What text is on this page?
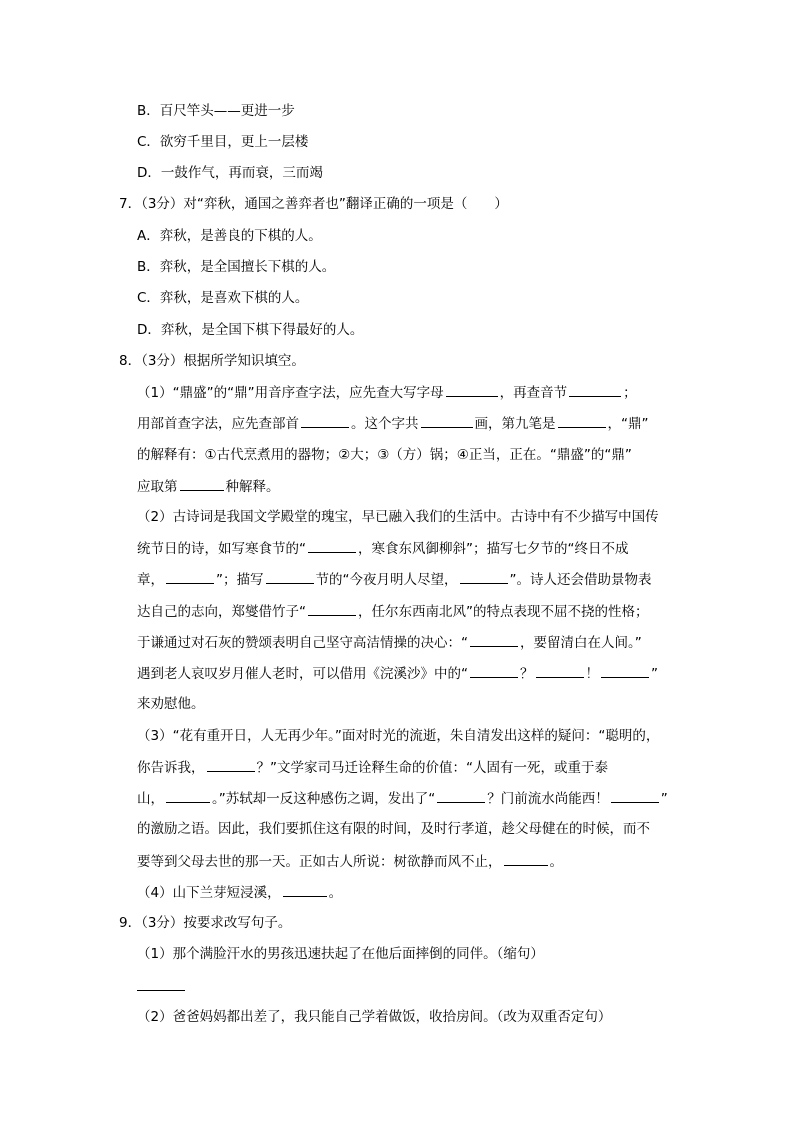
B．百尺竿头——更进一步
C．欲穷千里目，更上一层楼
D．一鼓作气，再而衰，三而竭
7．（3分）对“弈秋，通国之善弈者也”翻译正确的一项是（　　）
A．弈秋，是善良的下棋的人。
B．弈秋，是全国擅长下棋的人。
C．弈秋，是喜欢下棋的人。
D．弈秋，是全国下棋下得最好的人。
8．（3分）根据所学知识填空。
（1）“鼎盛”的“鼎”用音序查字法，应先查大写字母	，再查音节	；
用部首查字法，应先查部首	。这个字共	画，第九笔是	，“鼎”
的解释有：①古代烹煮用的器物；②大；③（方）锅；④正当，正在。“鼎盛”的“鼎”
应取第	种解释。
（2）古诗词是我国文学殿堂的瑰宝，早已融入我们的生活中。古诗中有不少描写中国传
统节日的诗，如写寒食节的“	，寒食东风御柳斜”；描写七夕节的“终日不成
章，	”；描写	节的“今夜月明人尽望，	”。诗人还会借助景物表
达自己的志向，郑燮借竹子“	，任尔东西南北风”的特点表现不屈不挠的性格；
于谦通过对石灰的赞颂表明自己坚守高洁情操的决心：“	，要留清白在人间。”
遇到老人哀叹岁月催人老时，可以借用《浣溪沙》中的“	？	！	”
来劝慰他。
（3）“花有重开日，人无再少年。”面对时光的流逝，朱自清发出这样的疑问：“聪明的，
你告诉我，	？”文学家司马迁诠释生命的价值：“人固有一死，或重于泰
山，	。”苏轼却一反这种感伤之调，发出了“	？门前流水尚能西！	”
的激励之语。因此，我们要抓住这有限的时间，及时行孝道，趁父母健在的时候，而不
要等到父母去世的那一天。正如古人所说：树欲静而风不止，	。
（4）山下兰芽短浸溪，	。
9．（3分）按要求改写句子。
（1）那个满脸汗水的男孩迅速扶起了在他后面摔倒的同伴。（缩句）
（2）爸爸妈妈都出差了，我只能自己学着做饭，收拾房间。（改为双重否定句）
